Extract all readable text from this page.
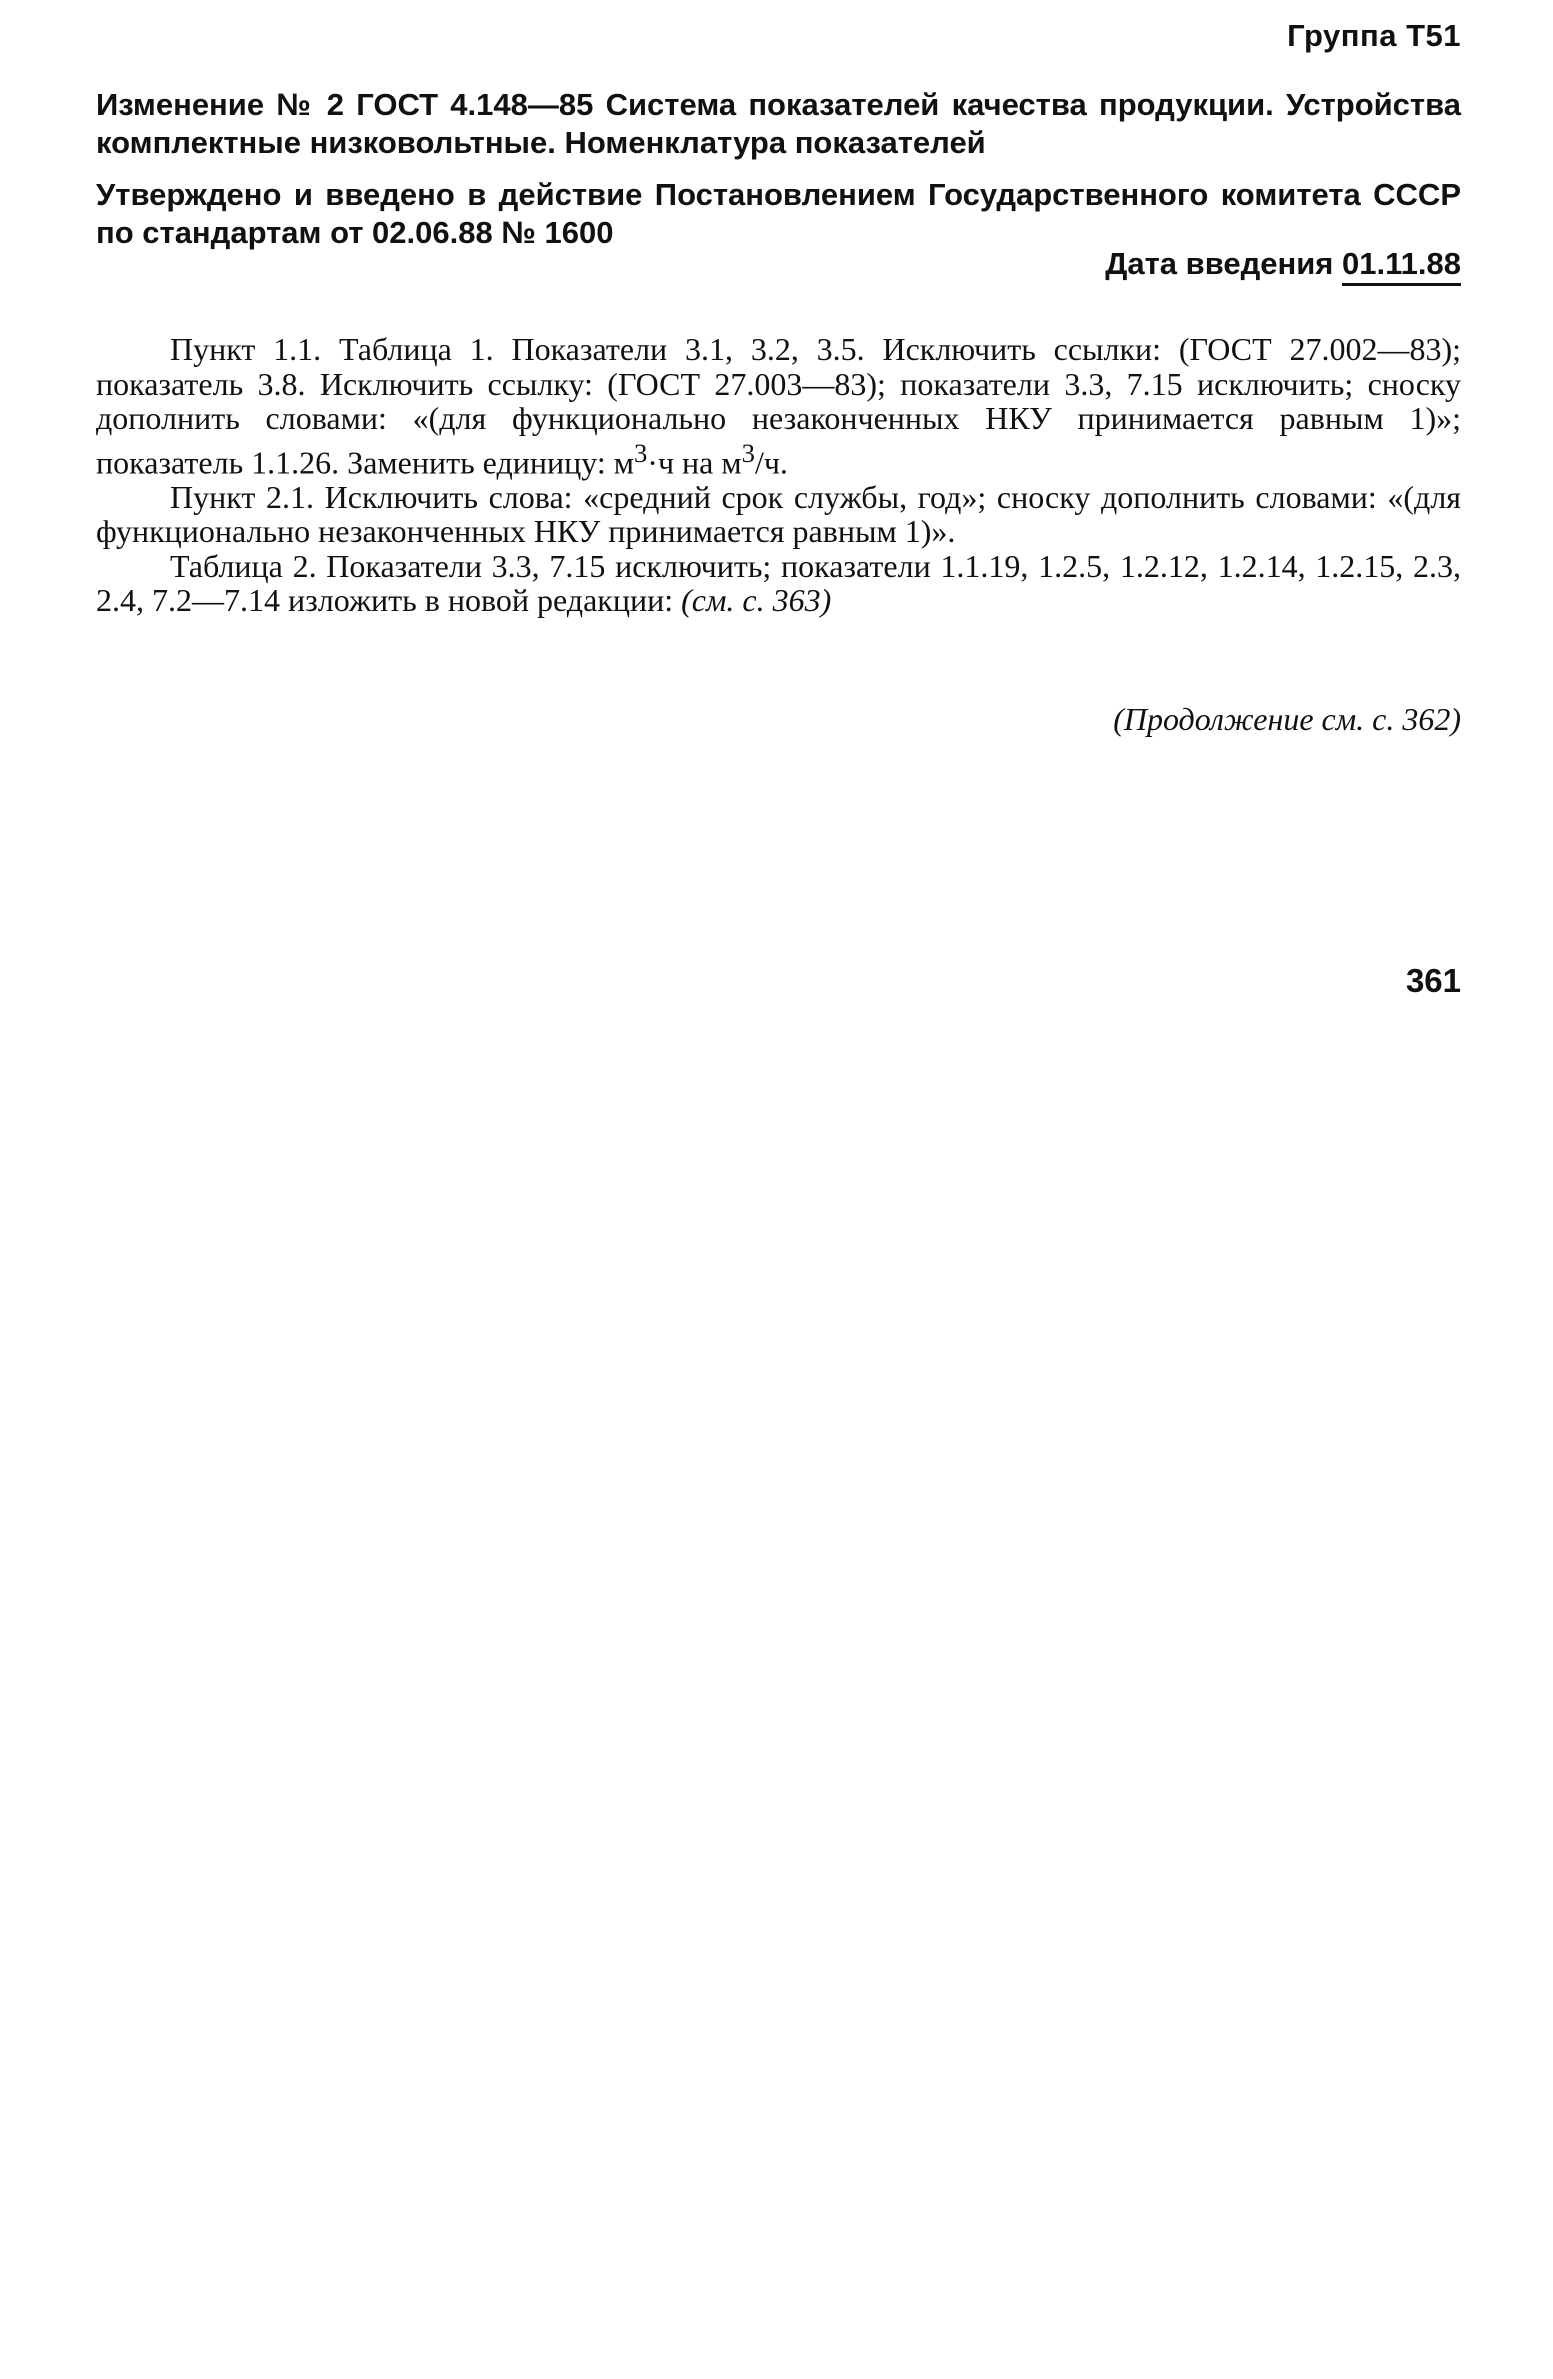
Группа Т51
Изменение № 2 ГОСТ 4.148—85 Система показателей качества продукции. Устройства комплектные низковольтные. Номенклатура показателей
Утверждено и введено в действие Постановлением Государственного комитета СССР по стандартам от 02.06.88 № 1600
Дата введения 01.11.88

Пункт 1.1. Таблица 1. Показатели 3.1, 3.2, 3.5. Исключить ссылки: (ГОСТ 27.002—83); показатель 3.8. Исключить ссылку: (ГОСТ 27.003—83); показатели 3.3, 7.15 исключить; сноску дополнить словами: «(для функционально незаконченных НКУ принимается равным 1)»; показатель 1.1.26. Заменить единицу: $м^3\cdot ч$ на $м^3/ч$.

Пункт 2.1. Исключить слова: «средний срок службы, год»; сноску дополнить словами: «(для функционально незаконченных НКУ принимается равным 1)».

Таблица 2. Показатели 3.3, 7.15 исключить; показатели 1.1.19, 1.2.5, 1.2.12, 1.2.14, 1.2.15, 2.3, 2.4, 7.2—7.14 изложить в новой редакции: (см. с. 363)

(Продолжение см. с. 362)
361
